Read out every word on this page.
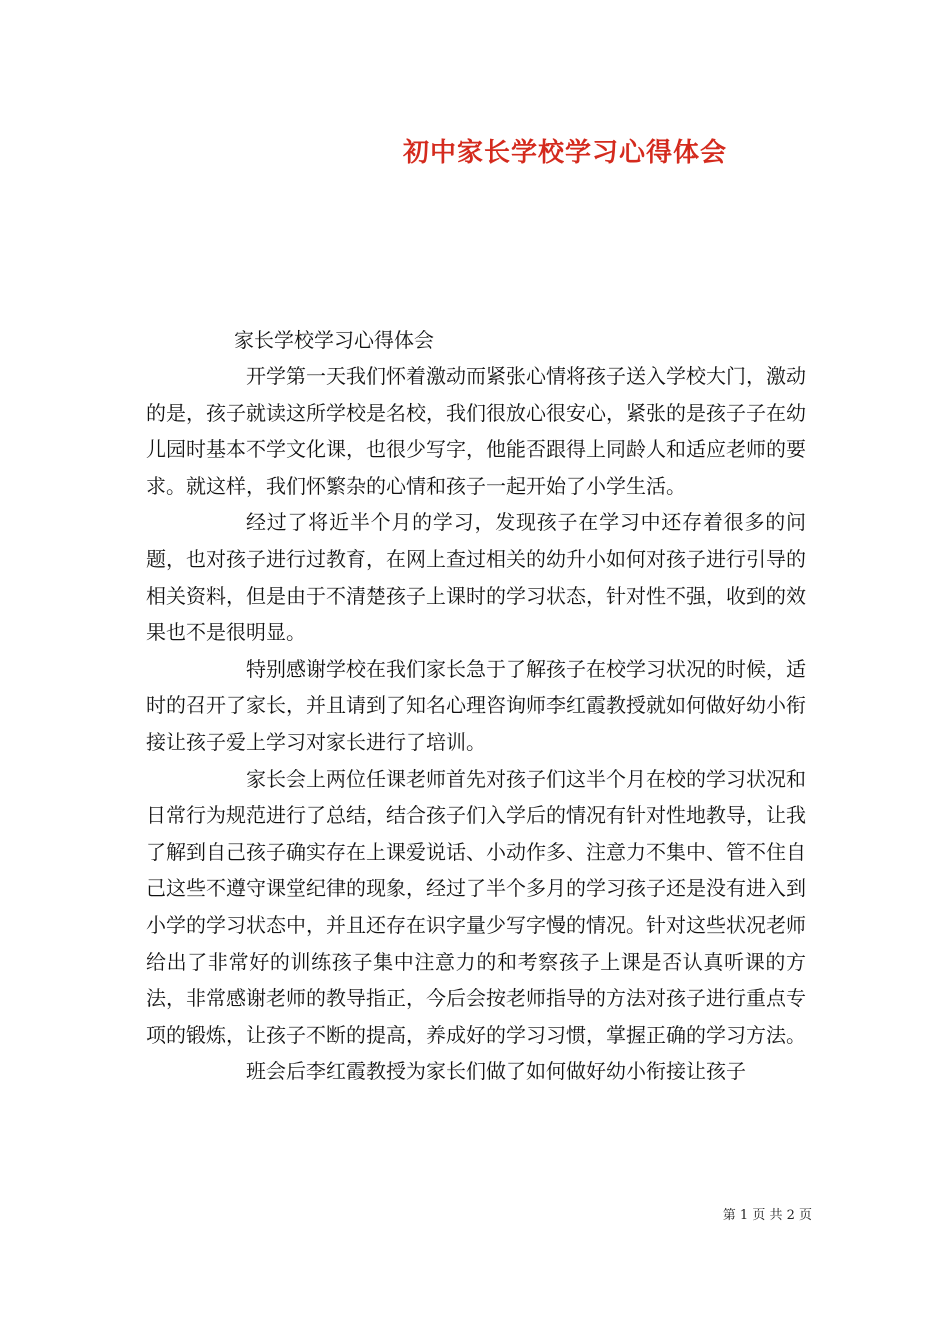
初中家长学校学习心得体会

家长学校学习心得体会

开学第一天我们怀着激动而紧张心情将孩子送入学校大门，激动的是，孩子就读这所学校是名校，我们很放心很安心，紧张的是孩子子在幼儿园时基本不学文化课，也很少写字，他能否跟得上同龄人和适应老师的要求。就这样，我们怀繁杂的心情和孩子一起开始了小学生活。

经过了将近半个月的学习，发现孩子在学习中还存着很多的问题，也对孩子进行过教育，在网上查过相关的幼升小如何对孩子进行引导的相关资料，但是由于不清楚孩子上课时的学习状态，针对性不强，收到的效果也不是很明显。

特别感谢学校在我们家长急于了解孩子在校学习状况的时候，适时的召开了家长，并且请到了知名心理咨询师李红霞教授就如何做好幼小衔接让孩子爱上学习对家长进行了培训。

家长会上两位任课老师首先对孩子们这半个月在校的学习状况和日常行为规范进行了总结，结合孩子们入学后的情况有针对性地教导，让我了解到自己孩子确实存在上课爱说话、小动作多、注意力不集中、管不住自己这些不遵守课堂纪律的现象，经过了半个多月的学习孩子还是没有进入到小学的学习状态中，并且还存在识字量少写字慢的情况。针对这些状况老师给出了非常好的训练孩子集中注意力的和考察孩子上课是否认真听课的方法，非常感谢老师的教导指正，今后会按老师指导的方法对孩子进行重点专项的锻炼，让孩子不断的提高，养成好的学习习惯，掌握正确的学习方法。

班会后李红霞教授为家长们做了如何做好幼小衔接让孩子

第 1 页 共 2 页
